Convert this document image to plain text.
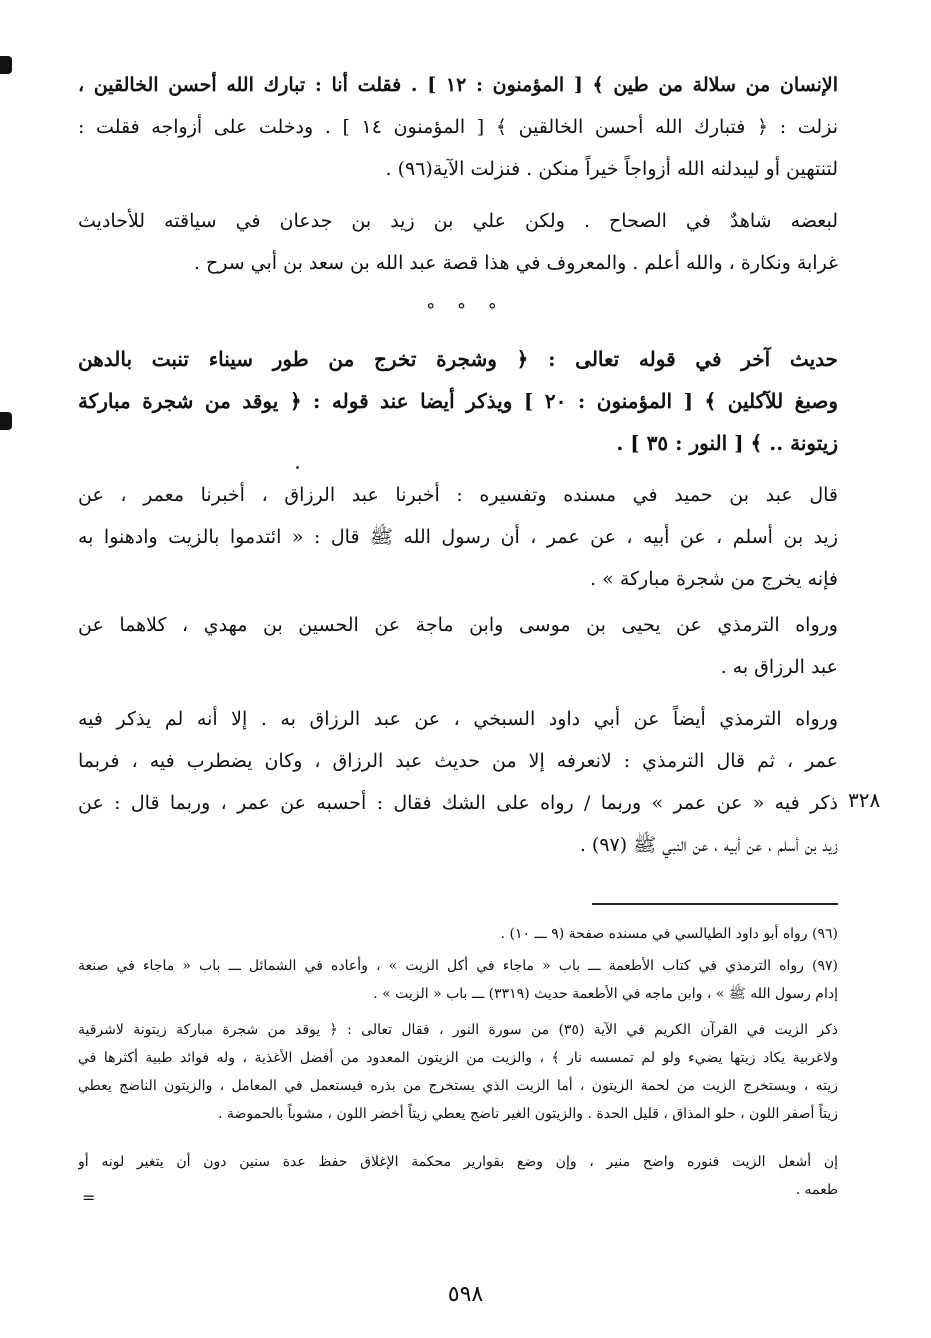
الإنسان من سلالة من طين ﴾ [ المؤمنون : ١٢ ] . فقلت أنا : تبارك الله أحسن الخالقين ،
نزلت : ﴿ فتبارك الله أحسن الخالقين ﴾ [ المؤمنون ١٤ ] . ودخلت على أزواجه فقلت :
لتنتهين أو ليبدلنه الله أزواجاً خيراً منكن . فنزلت الآية(٩٦) .
لبعضه شاهدٌ في الصحاح . ولكن علي بن زيد بن جدعان في سياقته للأحاديث
غرابة ونكارة ، والله أعلم . والمعروف في هذا قصة عبد الله بن سعد بن أبي سرح .
° ° °
حديث آخر في قوله تعالى : ﴿ وشجرة تخرج من طور سيناء تنبت بالدهن
وصبغ للآكلين ﴾ [ المؤمنون : ٢٠ ] ويذكر أيضا عند قوله : ﴿ يوقد من شجرة مباركة
زيتونة .. ﴾ [ النور : ٣٥ ] .
قال عبد بن حميد في مسنده وتفسيره : أخبرنا عبد الرزاق ، أخبرنا معمر ، عن
زيد بن أسلم ، عن أبيه ، عن عمر ، أن رسول الله ﷺ قال : « ائتدموا بالزيت وادهنوا به
فإنه يخرج من شجرة مباركة » .
ورواه الترمذي عن يحيى بن موسى وابن ماجة عن الحسين بن مهدي ، كلاهما عن
عبد الرزاق به .
ورواه الترمذي أيضاً عن أبي داود السبخي ، عن عبد الرزاق به . إلا أنه لم يذكر فيه
عمر ، ثم قال الترمذي : لانعرفه إلا من حديث عبد الرزاق ، وكان يضطرب فيه ، فربما
ذكر فيه « عن عمر » وربما / رواه على الشك فقال : أحسبه عن عمر ، وربما قال : عن
زيد بن أسلم ، عن أبيه ، عن النبي ﷺ (٩٧) .
٣٢٨
(٩٦) رواه أبو داود الطيالسي في مسنده صفحة (٩ ـــ ١٠) .
(٩٧) رواه الترمذي في كتاب الأطعمة ـــ باب « ماجاء في أكل الزيت » ، وأعاده في الشمائل ـــ باب « ماجاء في صنعة
إدام رسول الله ﷺ » ، وابن ماجه في الأطعمة حديث (٣٣١٩) ـــ باب « الزيت » .
ذكر الزيت في القرآن الكريم في الآية (٣٥) من سورة النور ، فقال تعالى : ﴿ يوقد من شجرة مباركة زيتونة لاشرقية
ولاغربية يكاد زيتها يضيء ولو لم تمسسه نار ﴾ ، والزيت من الزيتون المعدود من أفضل الأغذية ، وله فوائد طبية أكثرها في
زيته ، ويستخرج الزيت من لحمة الزيتون ، أما الزيت الذي يستخرج من بذره فيستعمل في المعامل ، والزيتون الناضج يعطي
زيتاً أصفر اللون ، حلو المذاق ، قليل الحدة . والزيتون الغير ناضج يعطي زيتاً أخضر اللون ، مشوباً بالحموضة .
إن أشعل الزيت فنوره واضح منير ، وإن وضع بقوارير محكمة الإغلاق حفظ عدة سنين دون أن يتغير لونه أو
طعمه .
=
٥٩٨
